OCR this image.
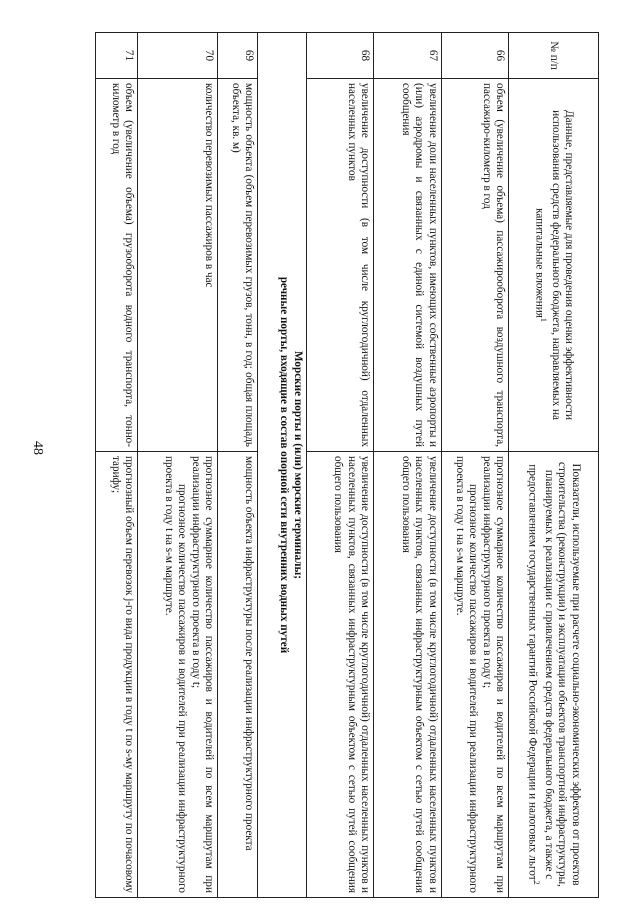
48
№ п/п	Данные, представляемые для проведения оценки эффективности использования средств федерального бюджета, направляемых на капитальные вложения$^1$	Показатели, используемые при расчете социально-экономических эффектов от проектов строительства (реконструкции) и эксплуатации объектов транспортной инфраструктуры, планируемых к реализации с привлечением средств федерального бюджета, а также с предоставлением государственных гарантий Российской Федерации и налоговых льгот$^2$
66	объем (увеличение объема) пассажирооборота воздушного транспорта, пассажиро-километр в год	прогнозное суммарное количество пассажиров и водителей по всем маршрутам при реализации инфраструктурного проекта в году t;

прогнозное количество пассажиров и водителей при реализации инфраструктурного проекта в году t на s-м маршруте.

67	увеличение доли населенных пунктов, имеющих собственные аэропорты и (или) аэродромы и связанных с единой системой воздушных путей сообщения	увеличение доступности (в том числе круглогодичной) отдаленных населенных пунктов и населенных пунктов, связанных инфраструктурным объектом с сетью путей сообщения общего пользования

68	увеличение доступности (в том числе круглогодичной) отдаленных населенных пунктов	увеличение доступности (в том числе круглогодичной) отдаленных населенных пунктов и населенных пунктов, связанных инфраструктурным объектом с сетью путей сообщения общего пользования

Морские порты и (или) морские терминалы;
речные порты, входящие в состав опорной сети внутренних водных путей		

69	мощность объекта (объем перевозимых грузов, тонн, в год; общая площадь объекта, кв. м)	мощность объекта инфраструктуры после реализации инфраструктурного проекта

70	количество перевозимых пассажиров в час	прогнозное суммарное количество пассажиров и водителей по всем маршрутам при реализации инфраструктурного проекта в году t;

прогнозное количество пассажиров и водителей при реализации инфраструктурного проекта в году t на s-м маршруте.

71	объем (увеличение объема) грузооборота водного транспорта, тонно-километр в год	прогнозный объем перевозок j-го вида продукции в году t по s-му маршруту по почасовому тарифу;
